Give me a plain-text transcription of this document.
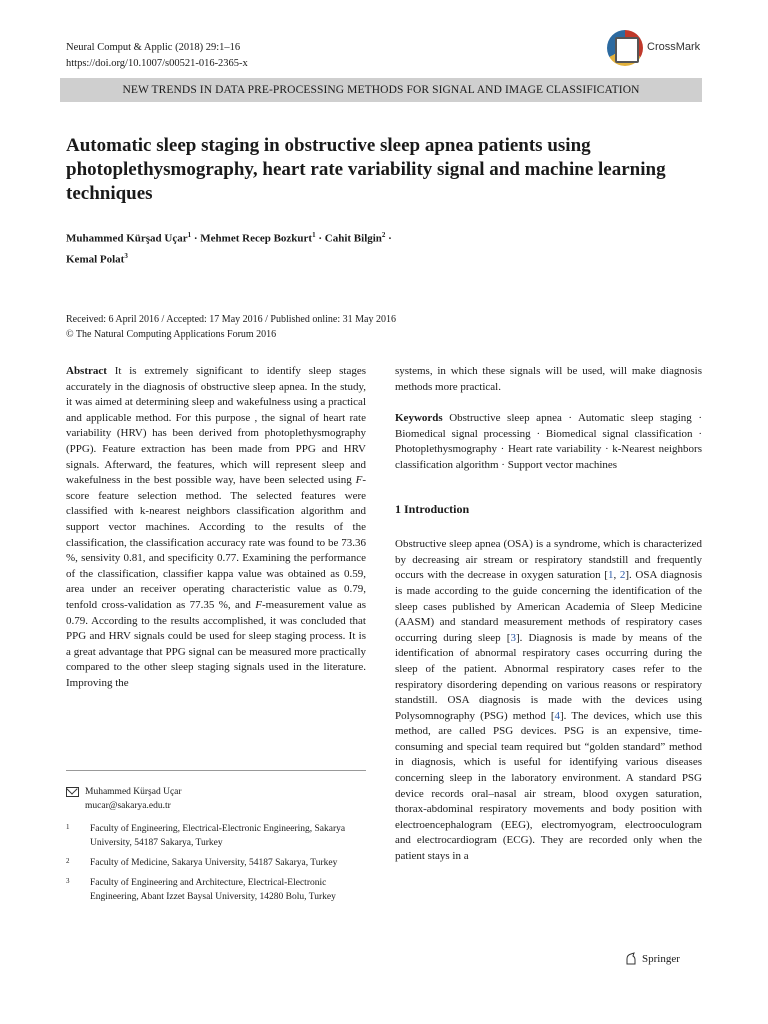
Neural Comput & Applic (2018) 29:1–16
https://doi.org/10.1007/s00521-016-2365-x
CrossMark
NEW TRENDS IN DATA PRE-PROCESSING METHODS FOR SIGNAL AND IMAGE CLASSIFICATION
Automatic sleep staging in obstructive sleep apnea patients using photoplethysmography, heart rate variability signal and machine learning techniques
Muhammed Kürşad Uçar$^1$ · Mehmet Recep Bozkurt$^1$ · Cahit Bilgin$^2$ ·
Kemal Polat$^3$
Received: 6 April 2016 / Accepted: 17 May 2016 / Published online: 31 May 2016
© The Natural Computing Applications Forum 2016

Abstract It is extremely significant to identify sleep stages accurately in the diagnosis of obstructive sleep apnea. In the study, it was aimed at determining sleep and wakefulness using a practical and applicable method. For this purpose , the signal of heart rate variability (HRV) has been derived from photoplethysmography (PPG). Feature extraction has been made from PPG and HRV signals. Afterward, the features, which will represent sleep and wakefulness in the best possible way, have been selected using F-score feature selection method. The selected features were classified with k-nearest neighbors classification algorithm and support vector machines. According to the results of the classification, the classification accuracy rate was found to be 73.36 %, sensivity 0.81, and specificity 0.77. Examining the performance of the classification, classifier kappa value was obtained as 0.59, area under an receiver operating characteristic value as 0.79, tenfold cross-validation as 77.35 %, and F-measurement value as 0.79. According to the results accomplished, it was concluded that PPG and HRV signals could be used for sleep staging process. It is a great advantage that PPG signal can be measured more practically compared to the other sleep staging signals used in the literature. Improving the

Muhammed Kürşad Uçar
mucar@sakarya.edu.tr
1	Faculty of Engineering, Electrical-Electronic Engineering, Sakarya University, 54187 Sakarya, Turkey
2	Faculty of Medicine, Sakarya University, 54187 Sakarya, Turkey
3	Faculty of Engineering and Architecture, Electrical-Electronic Engineering, Abant Izzet Baysal University, 14280 Bolu, Turkey

systems, in which these signals will be used, will make diagnosis methods more practical.

Keywords Obstructive sleep apnea · Automatic sleep staging · Biomedical signal processing · Biomedical signal classification · Photoplethysmography · Heart rate variability · k-Nearest neighbors classification algorithm · Support vector machines

1 Introduction

Obstructive sleep apnea (OSA) is a syndrome, which is characterized by decreasing air stream or respiratory standstill and frequently occurs with the decrease in oxygen saturation [1, 2]. OSA diagnosis is made according to the guide concerning the identification of the sleep cases published by American Academia of Sleep Medicine (AASM) and standard measurement methods of respiratory cases occurring during sleep [3]. Diagnosis is made by means of the identification of abnormal respiratory cases occurring during the sleep of the patient. Abnormal respiratory cases refer to the respiratory disordering depending on various reasons or respiratory standstill. OSA diagnosis is made with the devices using Polysomnography (PSG) method [4]. The devices, which use this method, are called PSG devices. PSG is an expensive, time-consuming and special team required but “golden standard” method in diagnosis, which is useful for identifying various diseases concerning sleep in the laboratory environment. A standard PSG device records oral–nasal air stream, blood oxygen saturation, thorax-abdominal respiratory movements and body position with electroencephalogram (EEG), electromyogram, electrooculogram and electrocardiogram (ECG). They are recorded only when the patient stays in a

Springer
